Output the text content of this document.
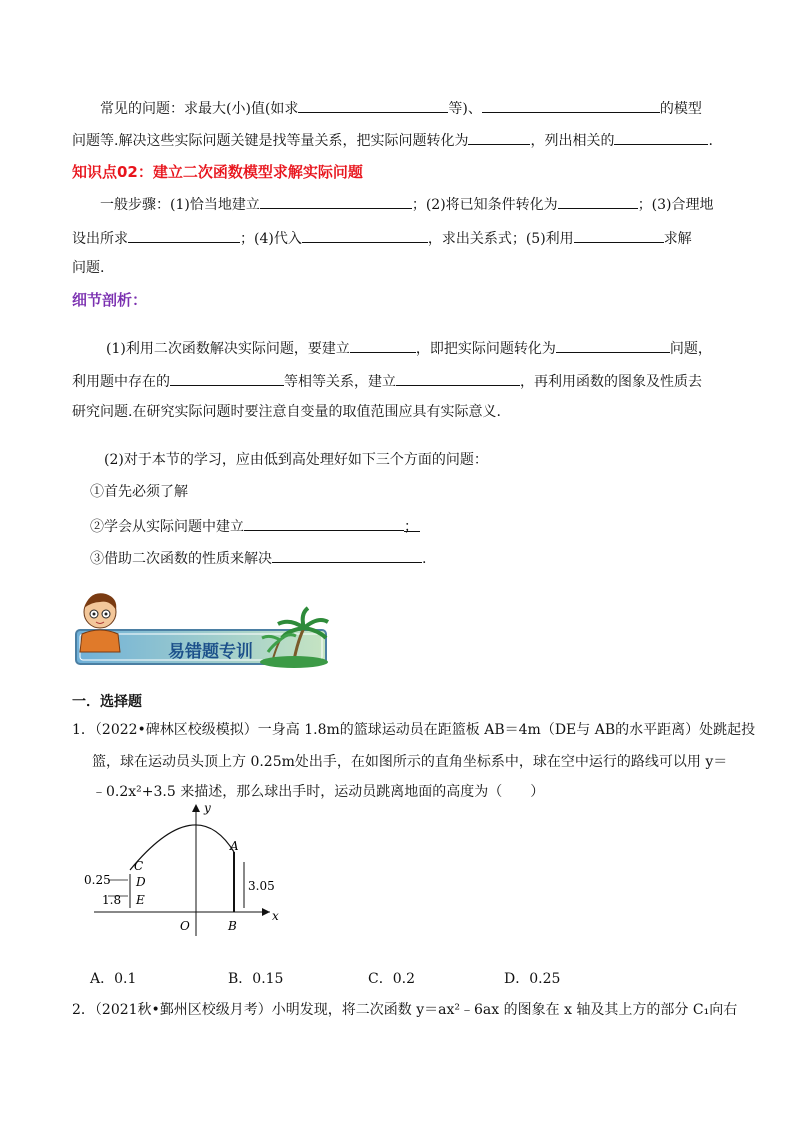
常见的问题：求最大(小)值(如求	等)、	的模型
问题等.解决这些实际问题关键是找等量关系，把实际问题转化为	，列出相关的	.
知识点02：建立二次函数模型求解实际问题
一般步骤：(1)恰当地建立	；(2)将已知条件转化为	；(3)合理地
设出所求	；(4)代入	，求出关系式；(5)利用	求解
问题.
细节剖析：
(1)利用二次函数解决实际问题，要建立	，即把实际问题转化为	问题，
利用题中存在的	等相等关系，建立	，再利用函数的图象及性质去
研究问题.在研究实际问题时要注意自变量的取值范围应具有实际意义.
(2)对于本节的学习，应由低到高处理好如下三个方面的问题：
①首先必须了解
②学会从实际问题中建立	；
③借助二次函数的性质来解决	.
易错题专训
一．选择题
1．（2022•碑林区校级模拟）一身高 1.8m的篮球运动员在距篮板 AB＝4m（DE与 AB的水平距离）处跳起投
篮，球在运动员头顶上方 0.25m处出手，在如图所示的直角坐标系中，球在空中运行的路线可以用 y＝
﹣0.2x²+3.5 来描述，那么球出手时，运动员跳离地面的高度为（　　）
y
x
O
A
B
C
D
E
0.25
1.8
3.05
A．0.1	B．0.15	C．0.2	D．0.25
2．（2021秋•鄞州区校级月考）小明发现，将二次函数 y＝ax²﹣6ax 的图象在 x 轴及其上方的部分 C₁向右
